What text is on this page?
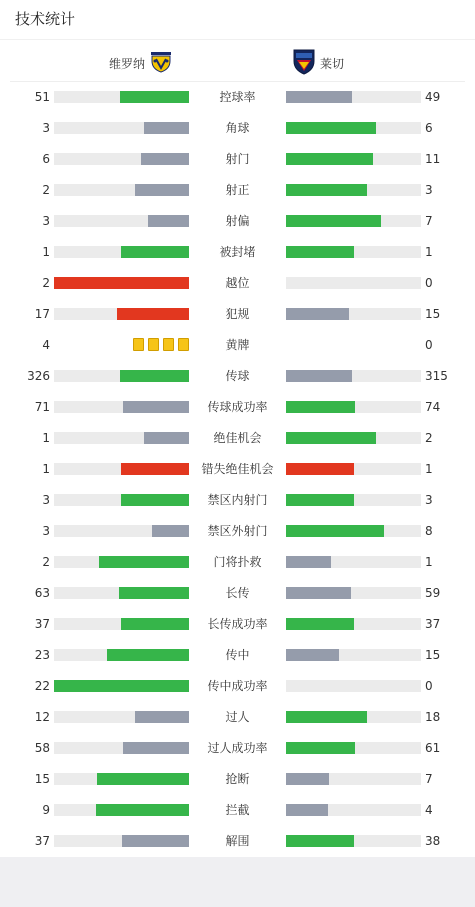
技术统计
维罗纳	莱切
51	控球率	49
3	角球	6
6	射门	11
2	射正	3
3	射偏	7
1	被封堵	1
2	越位	0
17	犯规	15
4	黄牌	0
326	传球	315
71	传球成功率	74
1	绝佳机会	2
1	错失绝佳机会	1
3	禁区内射门	3
3	禁区外射门	8
2	门将扑救	1
63	长传	59
37	长传成功率	37
23	传中	15
22	传中成功率	0
12	过人	18
58	过人成功率	61
15	抢断	7
9	拦截	4
37	解围	38
